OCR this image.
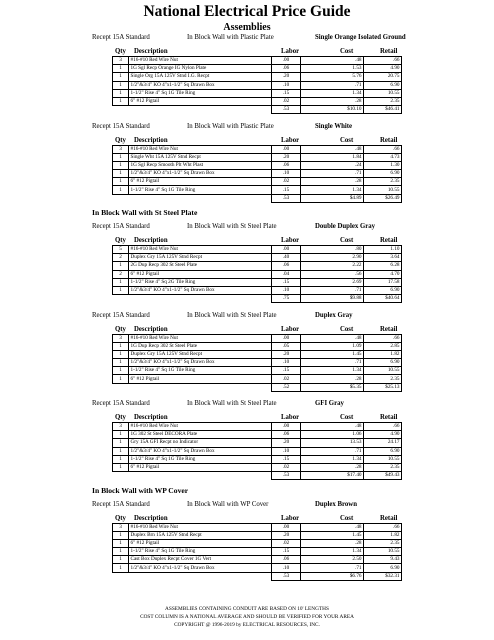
National Electrical Price Guide
Assemblies
Recept 15A Standard	In Block Wall with Plastic Plate	Single Orange Isolated Ground
Qty Description	Labor	Cost	Retail
3	#16-#10 Red Wire Nut	.00	.48	.66
1	1G Sgl Recp Orange IG Nylon Plate	.06	1.53	4.90
1	Single Org 15A 125V Stnd I.G. Recpt	.20	5.76	20.75
1	1/2"&3/4" KO 4"x1-1/2" Sq Drawn Box	.10	.71	6.90
1	1-1/2" Rise 4" Sq 1G Tile Ring	.15	1.34	10.55
1	6" #12 Pigtail	.02	.28	2.35
		.53	$10.10	$46.41
Recept 15A Standard	In Block Wall with Plastic Plate	Single White
Qty Description	Labor	Cost	Retail
3	#16-#10 Red Wire Nut	.00	.48	.66
1	Single Wht 15A 125V Stnd Recpt	.20	1.84	4.73
1	1G Sgl Recp Smooth Plt Wht Plast	.06	.24	1.30
1	1/2"&3/4" KO 4"x1-1/2" Sq Drawn Box	.10	.71	6.90
1	6" #12 Pigtail	.02	.28	2.35
1	1-1/2" Rise 4" Sq 1G Tile Ring	.15	1.34	10.55
		.53	$4.89	$26.49
In Block Wall with St Steel Plate
Recept 15A Standard	In Block Wall with St Steel Plate	Double Duplex Gray
Qty Description	Labor	Cost	Retail
5	#16-#10 Red Wire Nut	.00	.80	1.10
2	Duplex Gry 15A 125V Stnd Recpt	.40	2.90	3.64
1	2G Dup Recp 302 St Steel Plate	.06	2.22	6.28
2	6" #12 Pigtail	.04	.56	4.70
1	1-1/2" Rise 4" Sq 2G Tile Ring	.15	2.69	17.58
1	1/2"&3/4" KO 4"x1-1/2" Sq Drawn Box	.10	.71	6.90
		.75	$9.88	$40.64
Recept 15A Standard	In Block Wall with St Steel Plate	Duplex Gray
Qty Description	Labor	Cost	Retail
3	#16-#10 Red Wire Nut	.00	.48	.66
1	1G Dup Recp 302 St Steel Plate	.05	1.09	2.85
1	Duplex Gry 15A 125V Stnd Recpt	.20	1.45	1.82
1	1/2"&3/4" KO 4"x1-1/2" Sq Drawn Box	.10	.71	6.90
1	1-1/2" Rise 4" Sq 1G Tile Ring	.15	1.34	10.55
1	6" #12 Pigtail	.02	.28	2.35
		.52	$5.35	$25.13
Recept 15A Standard	In Block Wall with St Steel Plate	GFI Gray
Qty Description	Labor	Cost	Retail
3	#16-#10 Red Wire Nut	.00	.48	.66
1	1G 302 St Steel DECORA Plate	.06	1.06	4.90
1	Gry 15A GFI Recpt no Indicator	.20	13.53	24.17
1	1/2"&3/4" KO 4"x1-1/2" Sq Drawn Box	.10	.71	6.90
1	1-1/2" Rise 4" Sq 1G Tile Ring	.15	1.34	10.55
1	6" #12 Pigtail	.02	.28	2.35
		.53	$17.40	$49.43
In Block Wall with WP Cover
Recept 15A Standard	In Block Wall with WP Cover	Duplex Brown
Qty Description	Labor	Cost	Retail
3	#16-#10 Red Wire Nut	.00	.48	.66
1	Duplex Brn 15A 125V Stnd Recpt	.20	1.45	1.82
1	6" #12 Pigtail	.02	.28	2.35
1	1-1/2" Rise 4" Sq 1G Tile Ring	.15	1.34	10.55
1	Cast Box Duplex Recpt Cover 1G Vert	.06	2.50	9.43
1	1/2"&3/4" KO 4"x1-1/2" Sq Drawn Box	.10	.71	6.90
		.53	$6.76	$32.31
ASSEMBLIES CONTAINING CONDUIT ARE BASED ON 10' LENGTHS
COST COLUMN IS A NATIONAL AVERAGE AND SHOULD BE VERIFIED FOR YOUR AREA
COPYRIGHT @ 1996-2019 by ELECTRICAL RESOURCES, INC.
